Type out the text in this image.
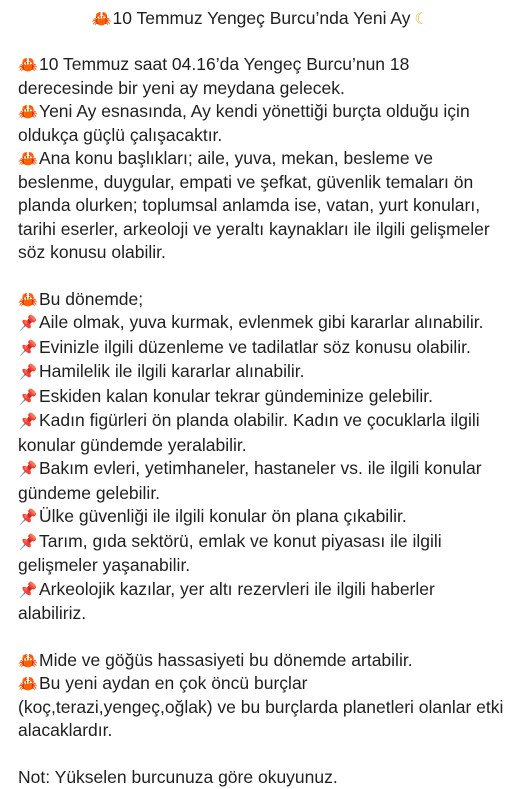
🦀10 Temmuz Yengeç Burcu’nda Yeni Ay ☾

🦀10 Temmuz saat 04.16’da Yengeç Burcu’nun 18 derecesinde bir yeni ay meydana gelecek.

🦀Yeni Ay esnasında, Ay kendi yönettiği burçta olduğu için oldukça güçlü çalışacaktır.

🦀Ana konu başlıkları; aile, yuva, mekan, besleme ve beslenme, duygular, empati ve şefkat, güvenlik temaları ön planda olurken; toplumsal anlamda ise, vatan, yurt konuları, tarihi eserler, arkeoloji ve yeraltı kaynakları ile ilgili gelişmeler söz konusu olabilir.

🦀Bu dönemde;

📌Aile olmak, yuva kurmak, evlenmek gibi kararlar alınabilir.

📌Evinizle ilgili düzenleme ve tadilatlar söz konusu olabilir.

📌Hamilelik ile ilgili kararlar alınabilir.

📌Eskiden kalan konular tekrar gündeminize gelebilir.

📌Kadın figürleri ön planda olabilir. Kadın ve çocuklarla ilgili konular gündemde yeralabilir.

📌Bakım evleri, yetimhaneler, hastaneler vs. ile ilgili konular gündeme gelebilir.

📌Ülke güvenliği ile ilgili konular ön plana çıkabilir.

📌Tarım, gıda sektörü, emlak ve konut piyasası ile ilgili gelişmeler yaşanabilir.

📌Arkeolojik kazılar, yer altı rezervleri ile ilgili haberler alabiliriz.

🦀Mide ve göğüs hassasiyeti bu dönemde artabilir.

🦀Bu yeni aydan en çok öncü burçlar (koç,terazi,yengeç,oğlak) ve bu burçlarda planetleri olanlar etki alacaklardır.

Not: Yükselen burcunuza göre okuyunuz.
